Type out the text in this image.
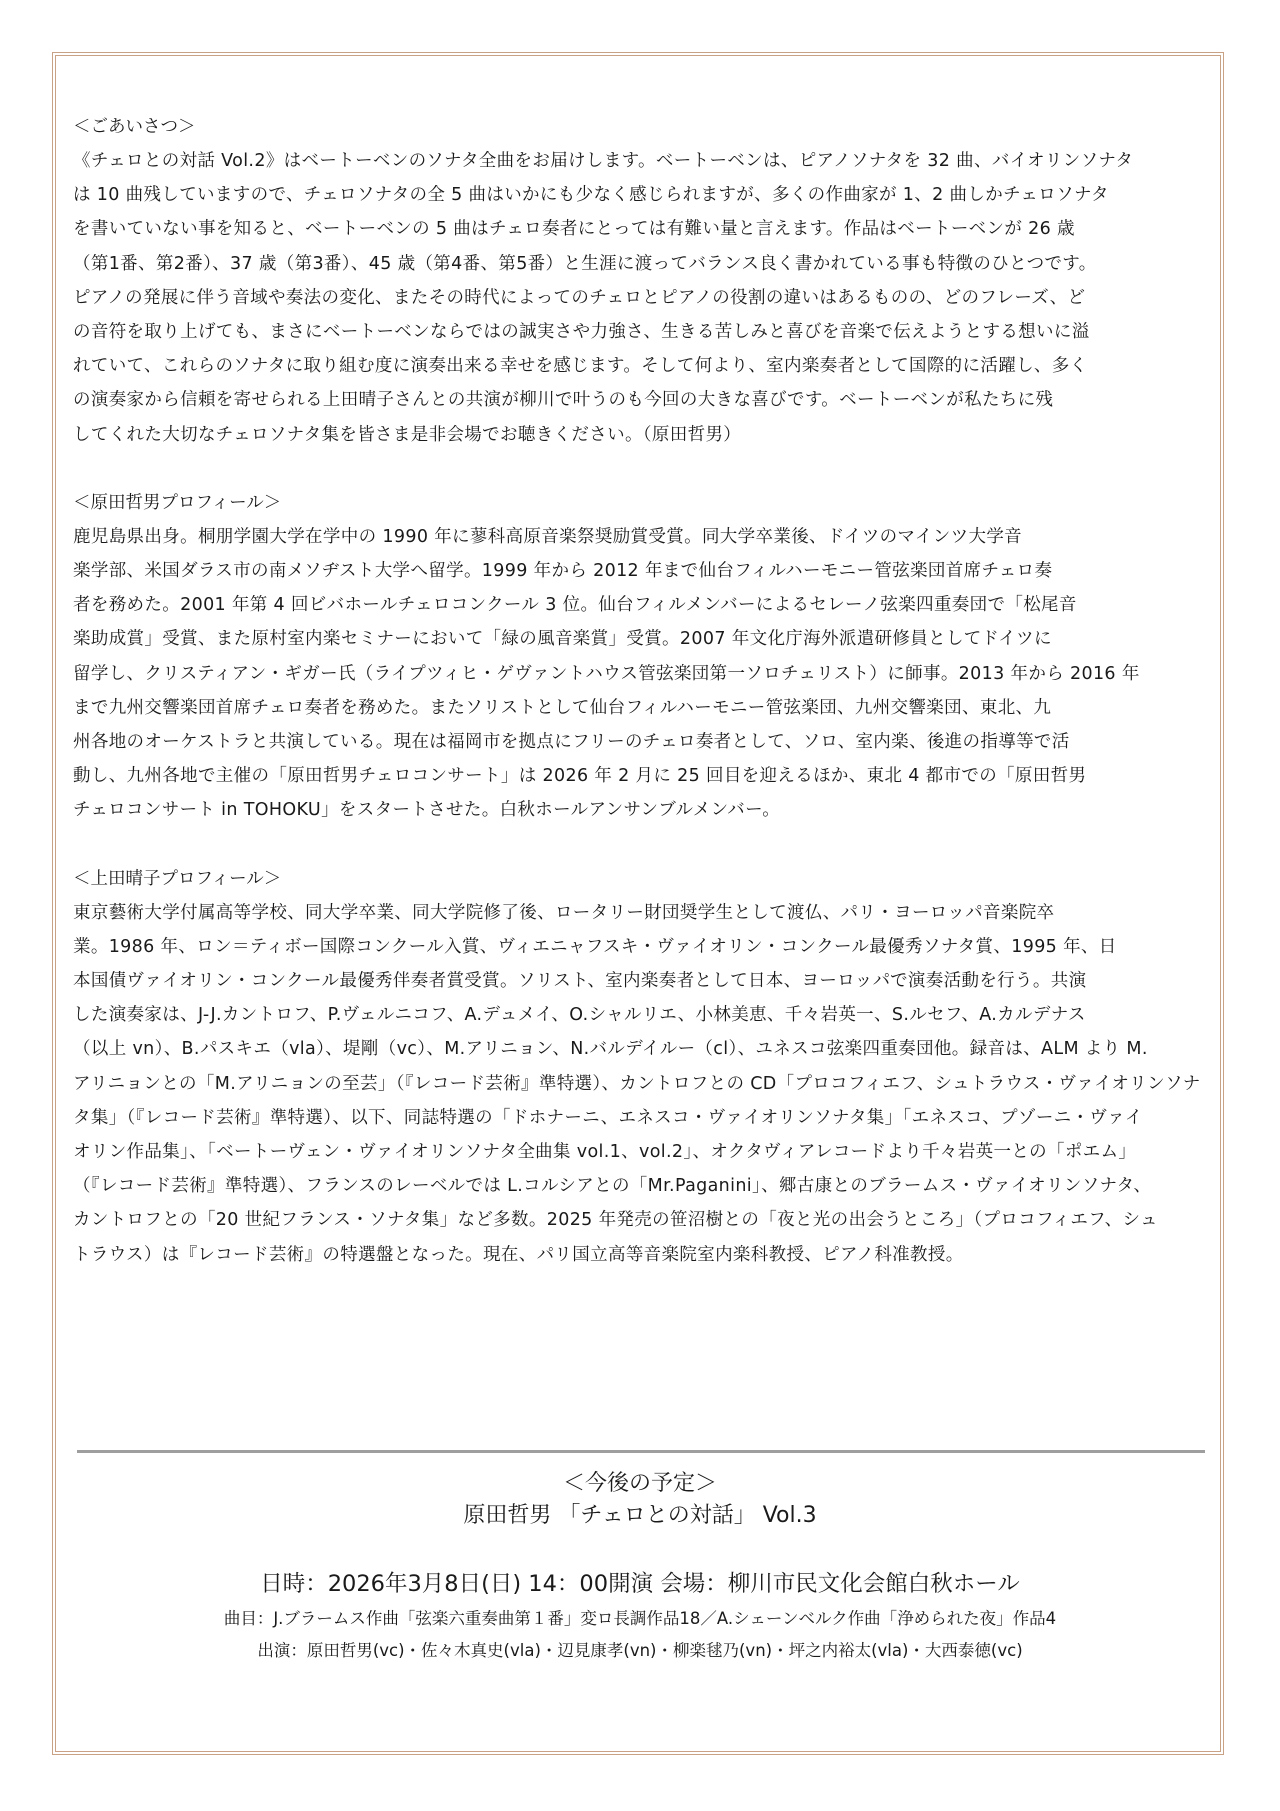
＜ごあいさつ＞
《チェロとの対話 Vol.2》はベートーベンのソナタ全曲をお届けします。ベートーベンは、ピアノソナタを 32 曲、バイオリンソナタ
は 10 曲残していますので、チェロソナタの全 5 曲はいかにも少なく感じられますが、多くの作曲家が 1、2 曲しかチェロソナタ
を書いていない事を知ると、ベートーベンの 5 曲はチェロ奏者にとっては有難い量と言えます。作品はベートーベンが 26 歳
（第1番、第2番）、37 歳（第3番）、45 歳（第4番、第5番）と生涯に渡ってバランス良く書かれている事も特徴のひとつです。
ピアノの発展に伴う音域や奏法の変化、またその時代によってのチェロとピアノの役割の違いはあるものの、どのフレーズ、ど
の音符を取り上げても、まさにベートーベンならではの誠実さや力強さ、生きる苦しみと喜びを音楽で伝えようとする想いに溢
れていて、これらのソナタに取り組む度に演奏出来る幸せを感じます。そして何より、室内楽奏者として国際的に活躍し、多く
の演奏家から信頼を寄せられる上田晴子さんとの共演が柳川で叶うのも今回の大きな喜びです。ベートーベンが私たちに残
してくれた大切なチェロソナタ集を皆さま是非会場でお聴きください。（原田哲男）
＜原田哲男プロフィール＞
鹿児島県出身。桐朋学園大学在学中の 1990 年に蓼科高原音楽祭奨励賞受賞。同大学卒業後、ドイツのマインツ大学音
楽学部、米国ダラス市の南メソヂスト大学へ留学。1999 年から 2012 年まで仙台フィルハーモニー管弦楽団首席チェロ奏
者を務めた。2001 年第 4 回ビバホールチェロコンクール 3 位。仙台フィルメンバーによるセレーノ弦楽四重奏団で「松尾音
楽助成賞」受賞、また原村室内楽セミナーにおいて「緑の風音楽賞」受賞。2007 年文化庁海外派遣研修員としてドイツに
留学し、クリスティアン・ギガー氏（ライプツィヒ・ゲヴァントハウス管弦楽団第一ソロチェリスト）に師事。2013 年から 2016 年
まで九州交響楽団首席チェロ奏者を務めた。またソリストとして仙台フィルハーモニー管弦楽団、九州交響楽団、東北、九
州各地のオーケストラと共演している。現在は福岡市を拠点にフリーのチェロ奏者として、ソロ、室内楽、後進の指導等で活
動し、九州各地で主催の「原田哲男チェロコンサート」は 2026 年 2 月に 25 回目を迎えるほか、東北 4 都市での「原田哲男
チェロコンサート in TOHOKU」をスタートさせた。白秋ホールアンサンブルメンバー。
＜上田晴子プロフィール＞
東京藝術大学付属高等学校、同大学卒業、同大学院修了後、ロータリー財団奨学生として渡仏、パリ・ヨーロッパ音楽院卒
業。1986 年、ロン＝ティボー国際コンクール入賞、ヴィエニャフスキ・ヴァイオリン・コンクール最優秀ソナタ賞、1995 年、日
本国債ヴァイオリン・コンクール最優秀伴奏者賞受賞。ソリスト、室内楽奏者として日本、ヨーロッパで演奏活動を行う。共演
した演奏家は、J-J.カントロフ、P.ヴェルニコフ、A.デュメイ、O.シャルリエ、小林美恵、千々岩英一、S.ルセフ、A.カルデナス
（以上 vn）、B.パスキエ（vla）、堤剛（vc）、M.アリニョン、N.バルデイルー（cl）、ユネスコ弦楽四重奏団他。録音は、ALM より M.
アリニョンとの「M.アリニョンの至芸」（『レコード芸術』準特選）、カントロフとの CD「プロコフィエフ、シュトラウス・ヴァイオリンソナ
タ集」（『レコード芸術』準特選）、以下、同誌特選の「ドホナーニ、エネスコ・ヴァイオリンソナタ集」「エネスコ、プゾーニ・ヴァイ
オリン作品集」、「ベートーヴェン・ヴァイオリンソナタ全曲集 vol.1、vol.2」、オクタヴィアレコードより千々岩英一との「ポエム」
（『レコード芸術』準特選）、フランスのレーベルでは L.コルシアとの「Mr.Paganini」、郷古康とのブラームス・ヴァイオリンソナタ、
カントロフとの「20 世紀フランス・ソナタ集」など多数。2025 年発売の笹沼樹との「夜と光の出会うところ」（プロコフィエフ、シュ
トラウス）は『レコード芸術』の特選盤となった。現在、パリ国立高等音楽院室内楽科教授、ピアノ科准教授。
＜今後の予定＞
原田哲男 「チェロとの対話」 Vol.3
日時：2026年3月8日(日) 14：00開演 会場：柳川市民文化会館白秋ホール
曲目：J.ブラームス作曲「弦楽六重奏曲第１番」変ロ長調作品18／A.シェーンベルク作曲「浄められた夜」作品4
出演：原田哲男(vc)・佐々木真史(vla)・辺見康孝(vn)・柳楽毬乃(vn)・坪之内裕太(vla)・大西泰徳(vc)
